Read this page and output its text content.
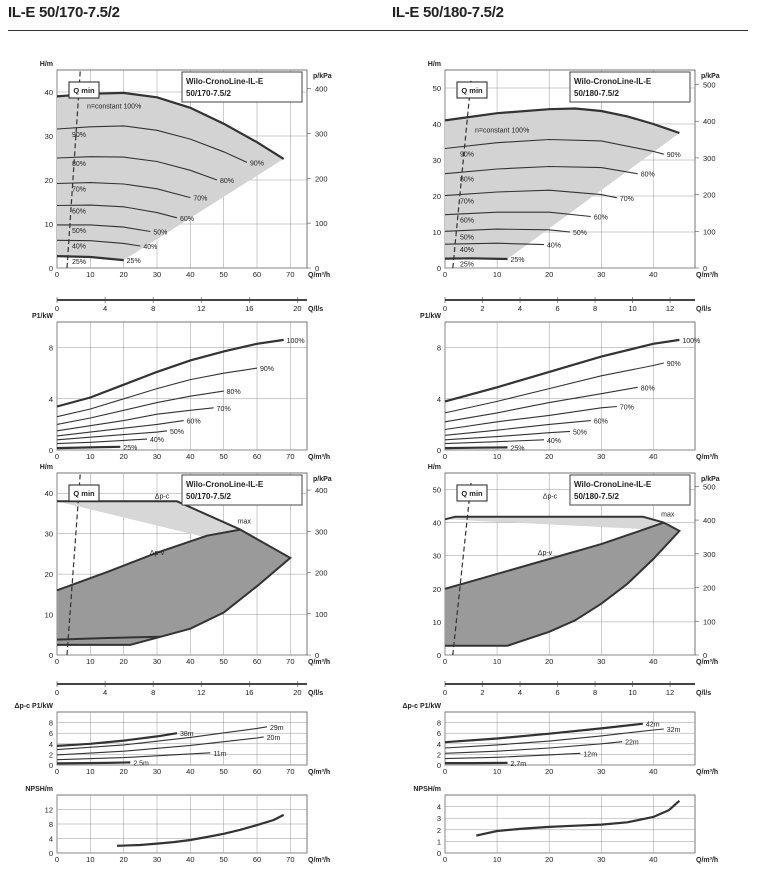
IL-E 50/170-7.5/2	IL-E 50/180-7.5/2
0
10
20
30
40
0	10	20	30	40	50	60	70 Q/m³/h
H/m
0
100
200
300
400
p/kPa
0	4	8	12	16	20 Q/l/s
n=constant 100%
90%
90%
80%
80%
70%
70%
60%
60%
50%
50%
40%
40%
25%
25%
Q min
Wilo-CronoLine-IL-E
50/170-7.5/2
0
4
8
0	10	20	30	40	50	60	70 Q/m³/h
P1/kW
100%
90%
80%
70%
60%
50%
40%
25%
0
10
20
30
40
0	10	20	30	40	50	60	70 Q/m³/h
H/m
0
100
200
300
400
p/kPa
0	4	8	12	16	20 Q/l/s
Δp-c
Δp-v
max
Q min
Wilo-CronoLine-IL-E
50/170-7.5/2
0
2
4
6
8
0	10	20	30	40	50	60	70 Q/m³/h
Δp-c P1/kW
38m
29m
20m
11m
2.5m
0
4
8
12
0	10	20	30	40	50	60	70 Q/m³/h
NPSH/m
0
10
20
30
40
50
0	10	20	30	40	Q/m³/h
H/m
0
100
200
300
400
500
p/kPa
0	2	4	6	8	10	12	Q/l/s
n=constant 100%
90%
90%
80%
80%
70%
70%
60%
60%
50%
50%
40%
40%
25%
25%
Q min
Wilo-CronoLine-IL-E
50/180-7.5/2
0
4
8
0	10	20	30	40	Q/m³/h
P1/kW
100%
90%
80%
70%
60%
50%
40%
25%
0
10
20
30
40
50
0	10	20	30	40	Q/m³/h
H/m
0
100
200
300
400
500
p/kPa
0	2	4	6	8	10	12	Q/l/s
Δp-c
Δp-v
max
Q min
Wilo-CronoLine-IL-E
50/180-7.5/2
0
2
4
6
8
0	10	20	30	40	Q/m³/h
Δp-c P1/kW
42m
32m
22m
12m
2.7m
0
1
2
3
4
0	10	20	30	40	Q/m³/h
NPSH/m
